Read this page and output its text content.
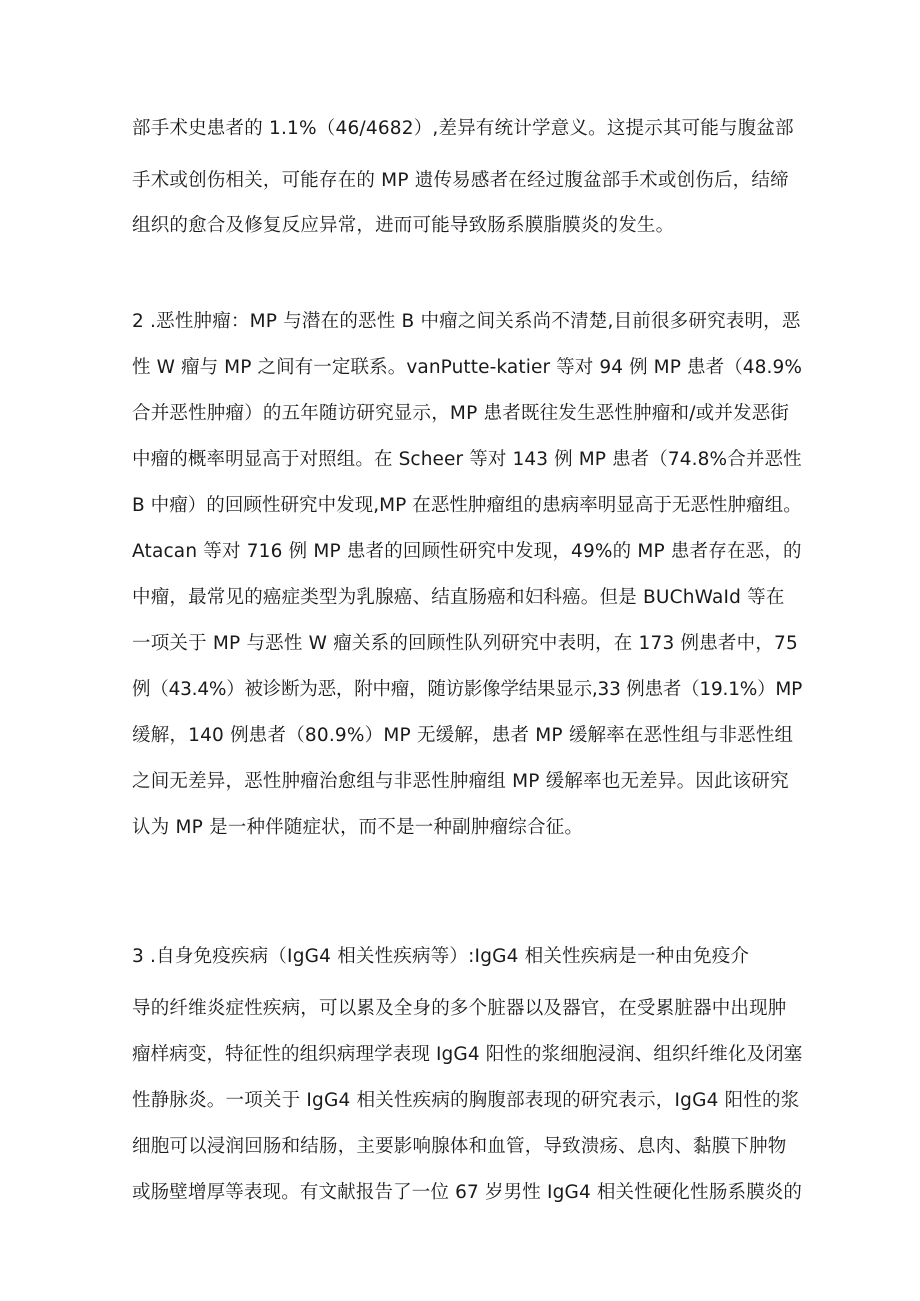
部手术史患者的 1.1%（46/4682）,差异有统计学意义。这提示其可能与腹盆部
手术或创伤相关，可能存在的 MP 遗传易感者在经过腹盆部手术或创伤后，结缔
组织的愈合及修复反应异常，进而可能导致肠系膜脂膜炎的发生。
2 .恶性肿瘤：MP 与潜在的恶性 B 中瘤之间关系尚不清楚,目前很多研究表明，恶
性 W 瘤与 MP 之间有一定联系。vanPutte-katier 等对 94 例 MP 患者（48.9%
合并恶性肿瘤）的五年随访研究显示，MP 患者既往发生恶性肿瘤和/或并发恶街
中瘤的概率明显高于对照组。在 Scheer 等对 143 例 MP 患者（74.8%合并恶性
B 中瘤）的回顾性研究中发现,MP 在恶性肿瘤组的患病率明显高于无恶性肿瘤组。
Atacan 等对 716 例 MP 患者的回顾性研究中发现，49%的 MP 患者存在恶，的
中瘤，最常见的癌症类型为乳腺癌、结直肠癌和妇科癌。但是 BUChWaId 等在
一项关于 MP 与恶性 W 瘤关系的回顾性队列研究中表明，在 173 例患者中，75
例（43.4%）被诊断为恶，附中瘤，随访影像学结果显示,33 例患者（19.1%）MP
缓解，140 例患者（80.9%）MP 无缓解，患者 MP 缓解率在恶性组与非恶性组
之间无差异，恶性肿瘤治愈组与非恶性肿瘤组 MP 缓解率也无差异。因此该研究
认为 MP 是一种伴随症状，而不是一种副肿瘤综合征。
3 .自身免疫疾病（IgG4 相关性疾病等）:IgG4 相关性疾病是一种由免疫介
导的纤维炎症性疾病，可以累及全身的多个脏器以及器官，在受累脏器中出现肿
瘤样病变，特征性的组织病理学表现 IgG4 阳性的浆细胞浸润、组织纤维化及闭塞
性静脉炎。一项关于 IgG4 相关性疾病的胸腹部表现的研究表示，IgG4 阳性的浆
细胞可以浸润回肠和结肠，主要影响腺体和血管，导致溃疡、息肉、黏膜下肿物
或肠壁增厚等表现。有文献报告了一位 67 岁男性 IgG4 相关性硬化性肠系膜炎的
